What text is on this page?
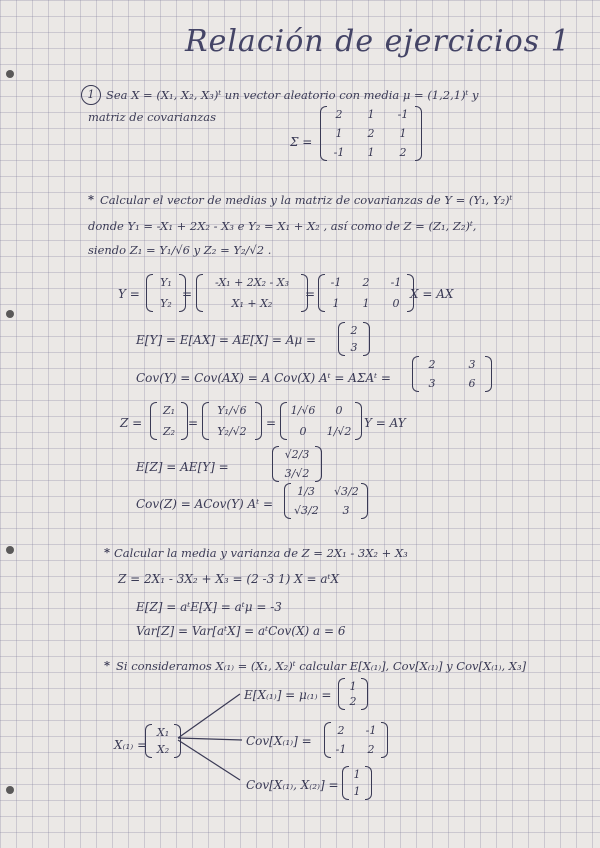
Relación de ejercicios 1
1	Sea X = (X₁, X₂, X₃)ᵗ un vector aleatorio con media μ = (1,2,1)ᵗ y
matriz de covarianzas
Σ =
2	1	-1
1	2	1
-1	1	2
* Calcular el vector de medias y la matriz de covarianzas de Y = (Y₁, Y₂)ᵗ
donde Y₁ = -X₁ + 2X₂ - X₃ e Y₂ = X₁ + X₂ , así como de Z = (Z₁, Z₂)ᵗ,
siendo Z₁ = Y₁/√6 y Z₂ = Y₂/√2 .
Y =
Y₁
Y₂
=
-X₁ + 2X₂ - X₃
X₁ + X₂
=
-1	2	-1
1	1	0
X = AX
E[Y] = E[AX] = AE[X] = Aμ =
2
3
Cov(Y) = Cov(AX) = A Cov(X) Aᵗ = AΣAᵗ =
2	3
3	6
Z =
Z₁
Z₂
=
Y₁/√6
Y₂/√2
=
1/√6	0
0	1/√2
Y = AY
E[Z] = AE[Y] =
√2/3
3/√2
Cov(Z) = ACov(Y) Aᵗ =
1/3 √3/2
√3/2	3
* Calcular la media y varianza de Z = 2X₁ - 3X₂ + X₃
Z = 2X₁ - 3X₂ + X₃ = (2 -3 1) X = aᵗX
E[Z] = aᵗE[X] = aᵗμ = -3
Var[Z] = Var[aᵗX] = aᵗCov(X) a = 6
* Si consideramos X₍₁₎ = (X₁, X₂)ᵗ calcular E[X₍₁₎], Cov[X₍₁₎] y Cov[X₍₁₎, X₃]
E[X₍₁₎] = μ₍₁₎ =
1
2
X₍₁₎ =
X₁
X₂
Cov[X₍₁₎] =
2	-1
-1	2
Cov[X₍₁₎, X₍₂₎] =
1
1
